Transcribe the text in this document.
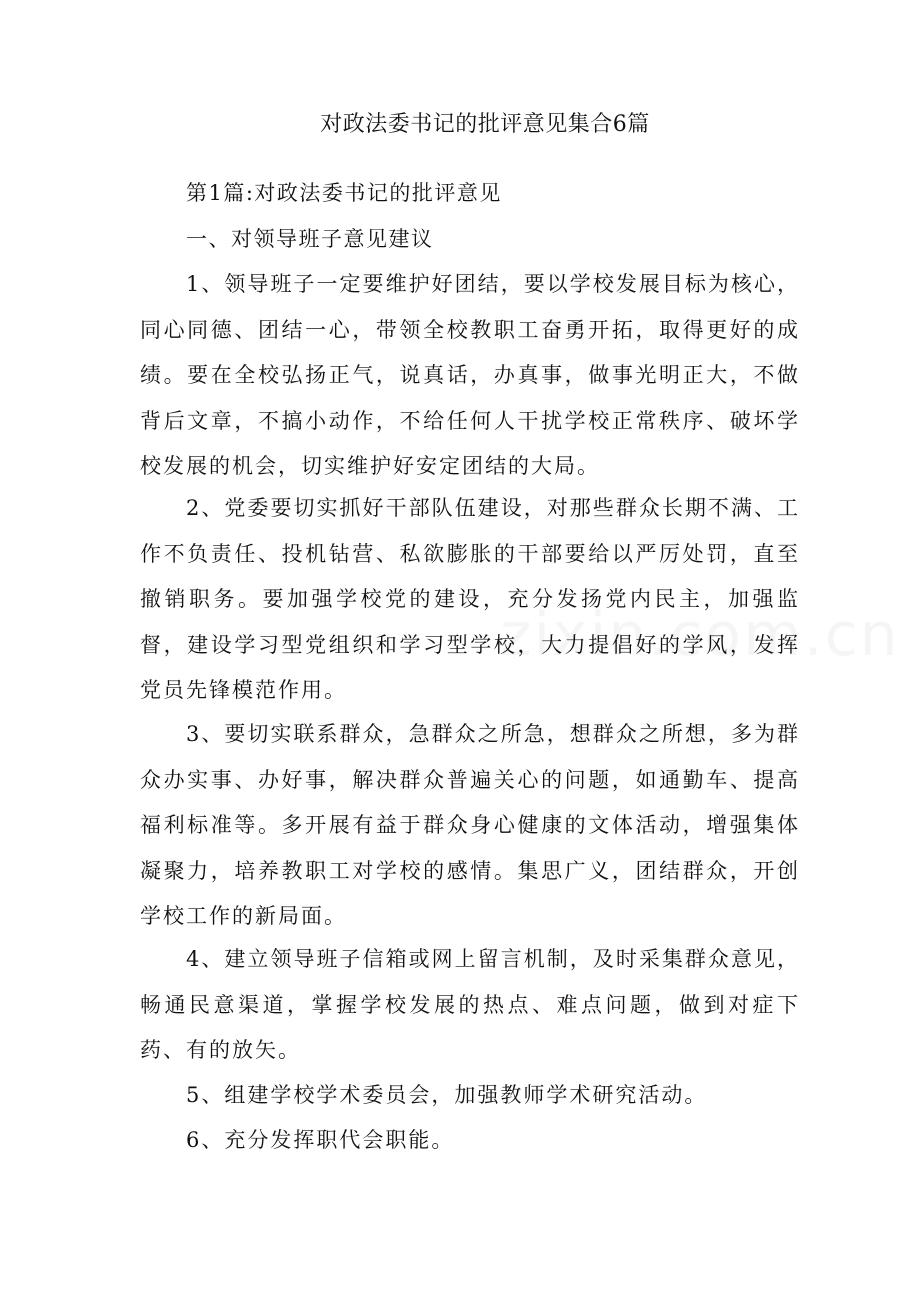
对政法委书记的批评意见集合6篇
第1篇:对政法委书记的批评意见
一、对领导班子意见建议
1、领导班子一定要维护好团结，要以学校发展目标为核心，同心同德、团结一心，带领全校教职工奋勇开拓，取得更好的成绩。要在全校弘扬正气，说真话，办真事，做事光明正大，不做背后文章，不搞小动作，不给任何人干扰学校正常秩序、破坏学校发展的机会，切实维护好安定团结的大局。
2、党委要切实抓好干部队伍建设，对那些群众长期不满、工作不负责任、投机钻营、私欲膨胀的干部要给以严厉处罚，直至撤销职务。要加强学校党的建设，充分发扬党内民主，加强监督，建设学习型党组织和学习型学校，大力提倡好的学风，发挥党员先锋模范作用。
3、要切实联系群众，急群众之所急，想群众之所想，多为群众办实事、办好事，解决群众普遍关心的问题，如通勤车、提高福利标准等。多开展有益于群众身心健康的文体活动，增强集体凝聚力，培养教职工对学校的感情。集思广义，团结群众，开创学校工作的新局面。
4、建立领导班子信箱或网上留言机制，及时采集群众意见，畅通民意渠道，掌握学校发展的热点、难点问题，做到对症下药、有的放矢。
5、组建学校学术委员会，加强教师学术研究活动。
6、充分发挥职代会职能。
